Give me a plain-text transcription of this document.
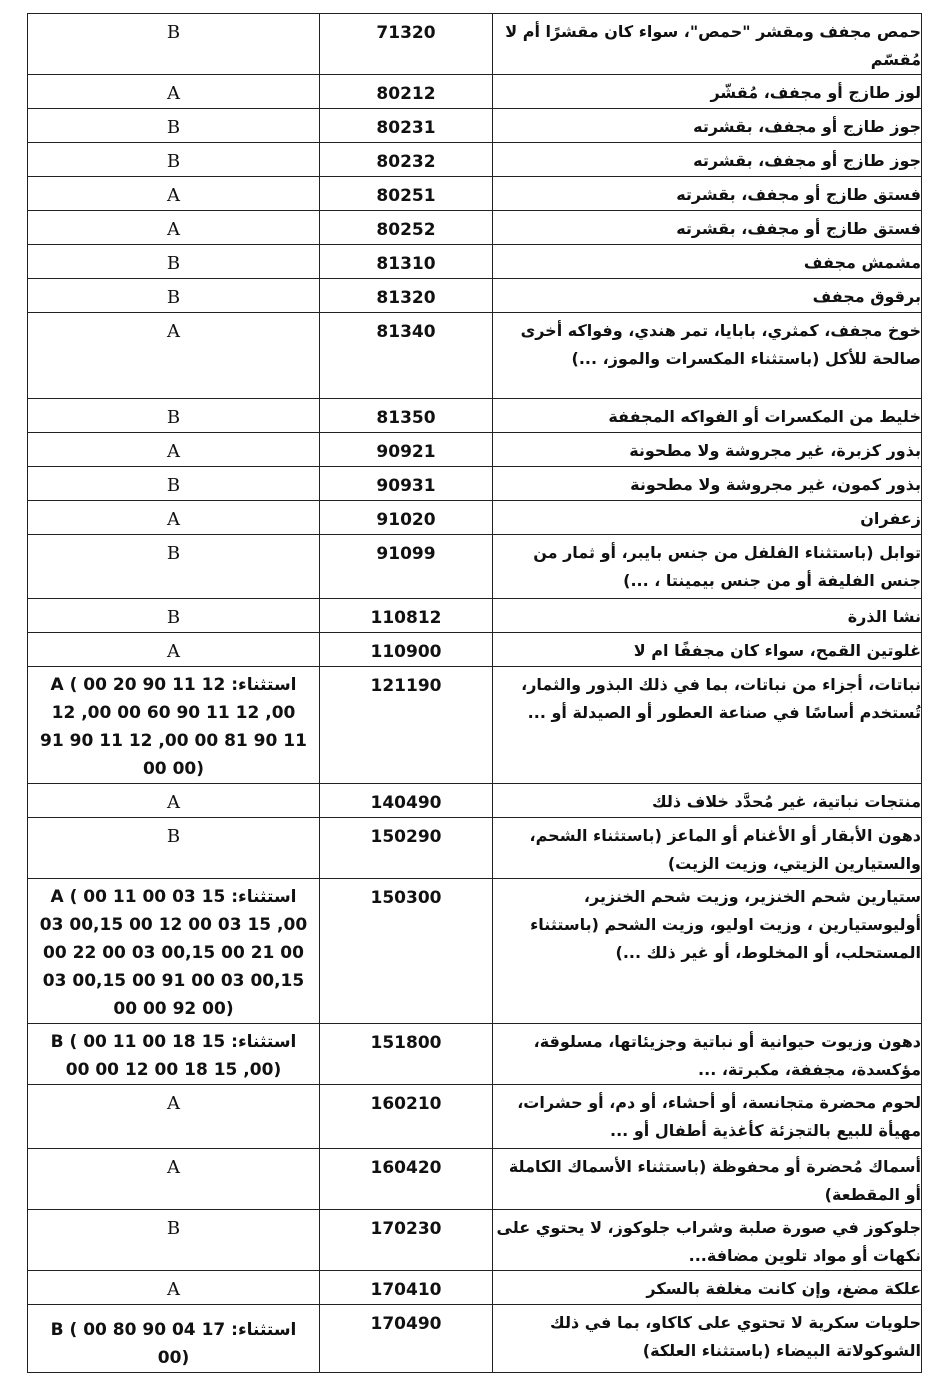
B	71320	حمص مجفف ومقشر "حمص"، سواء كان مقشرًا أم لا مُقسّم

A	80212	لوز طازج أو مجفف، مُقشّر

B	80231	جوز طازج أو مجفف، بقشرته

B	80232	جوز طازج أو مجفف، بقشرته

A	80251	فستق طازج أو مجفف، بقشرته

A	80252	فستق طازج أو مجفف، بقشرته

B	81310	مشمش مجفف

B	81320	برقوق مجفف

A	81340	خوخ مجفف، كمثري، بابايا، تمر هندي، وفواكه أخرى صالحة للأكل (باستثناء المكسرات والموز، ...)

B	81350	خليط من المكسرات أو الفواكه المجففة

A	90921	بذور كزبرة، غير مجروشة ولا مطحونة

B	90931	بذور كمون، غير مجروشة ولا مطحونة

A	91020	زعفران

B	91099	توابل (باستثناء الفلفل من جنس بايبر، أو ثمار من جنس الفليفة أو من جنس بيمينتا ، ...)

B	110812	نشا الذرة

A	110900	غلوتين القمح، سواء كان مجففًا ام لا

A ( استثناء: 12 11 90 20 00 00, 12 11 90 60 00 00, 12 11 90 81 00 00, 12 11 90 91 00 00)	121190	نباتات، أجزاء من نباتات، بما في ذلك البذور والثمار، تُستخدم أساسًا في صناعة العطور أو الصيدلة أو ...

A	140490	منتجات نباتية، غير مُحدَّد خلاف ذلك

B	150290	دهون الأبقار أو الأغنام أو الماعز (باستثناء الشحم، والستيارين الزيتي، وزيت الزيت)

A ( استثناء: 15 03 00 11 00 00, 15 03 00 12 00 00,15 03 00 21 00 00,15 03 00 22 00 00,15 03 00 91 00 00,15 03 00 92 00 00)	150300	ستيارين شحم الخنزير، وزيت شحم الخنزير، أوليوستيارين ، وزيت اوليو، وزيت الشحم (باستثناء المستحلب، أو المخلوط، أو غير ذلك ...)

B ( استثناء: 15 18 00 11 00 00, 15 18 00 12 00 00)	151800	دهون وزيوت حيوانية أو نباتية وجزيئاتها، مسلوقة، مؤكسدة، مجففة، مكبرتة، ...

A	160210	لحوم محضرة متجانسة، أو أحشاء، أو دم، أو حشرات، مهيأة للبيع بالتجزئة كأغذية أطفال أو ...

A	160420	أسماك مُحضرة أو محفوظة (باستثناء الأسماك الكاملة أو المقطعة)

B	170230	جلوكوز في صورة صلبة وشراب جلوكوز، لا يحتوي على نكهات أو مواد تلوين مضافة...

A	170410	علكة مضغ، وإن كانت مغلفة بالسكر

B ( استثناء: 17 04 90 80 00 00)	170490	حلويات سكرية لا تحتوي على كاكاو، بما في ذلك الشوكولاتة البيضاء (باستثناء العلكة)
